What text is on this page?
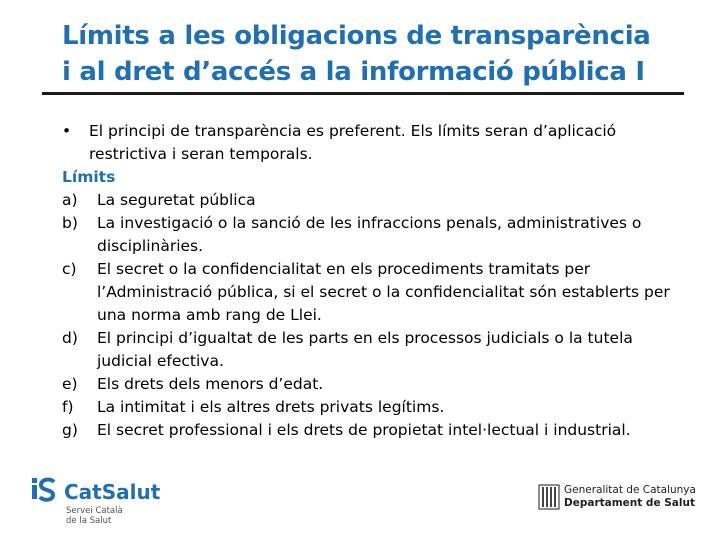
Límits a les obligacions de transparència
i al dret d’accés a la informació pública I
•	El principi de transparència es preferent. Els límits seran d’aplicació restrictiva i seran temporals.
Límits
a)	La seguretat pública
b)	La investigació o la sanció de les infraccions penals, administratives o disciplinàries.
c)	El secret o la confidencialitat en els procediments tramitats per l’Administració pública, si el secret o la confidencialitat són establerts per una norma amb rang de Llei.
d)	El principi d’igualtat de les parts en els processos judicials o la tutela judicial efectiva.
e)	Els drets dels menors d’edat.
f)	La intimitat i els altres drets privats legítims.
g)	El secret professional i els drets de propietat intel·lectual i industrial.
CatSalut
Servei Català
de la Salut
Generalitat de Catalunya
Departament de Salut
